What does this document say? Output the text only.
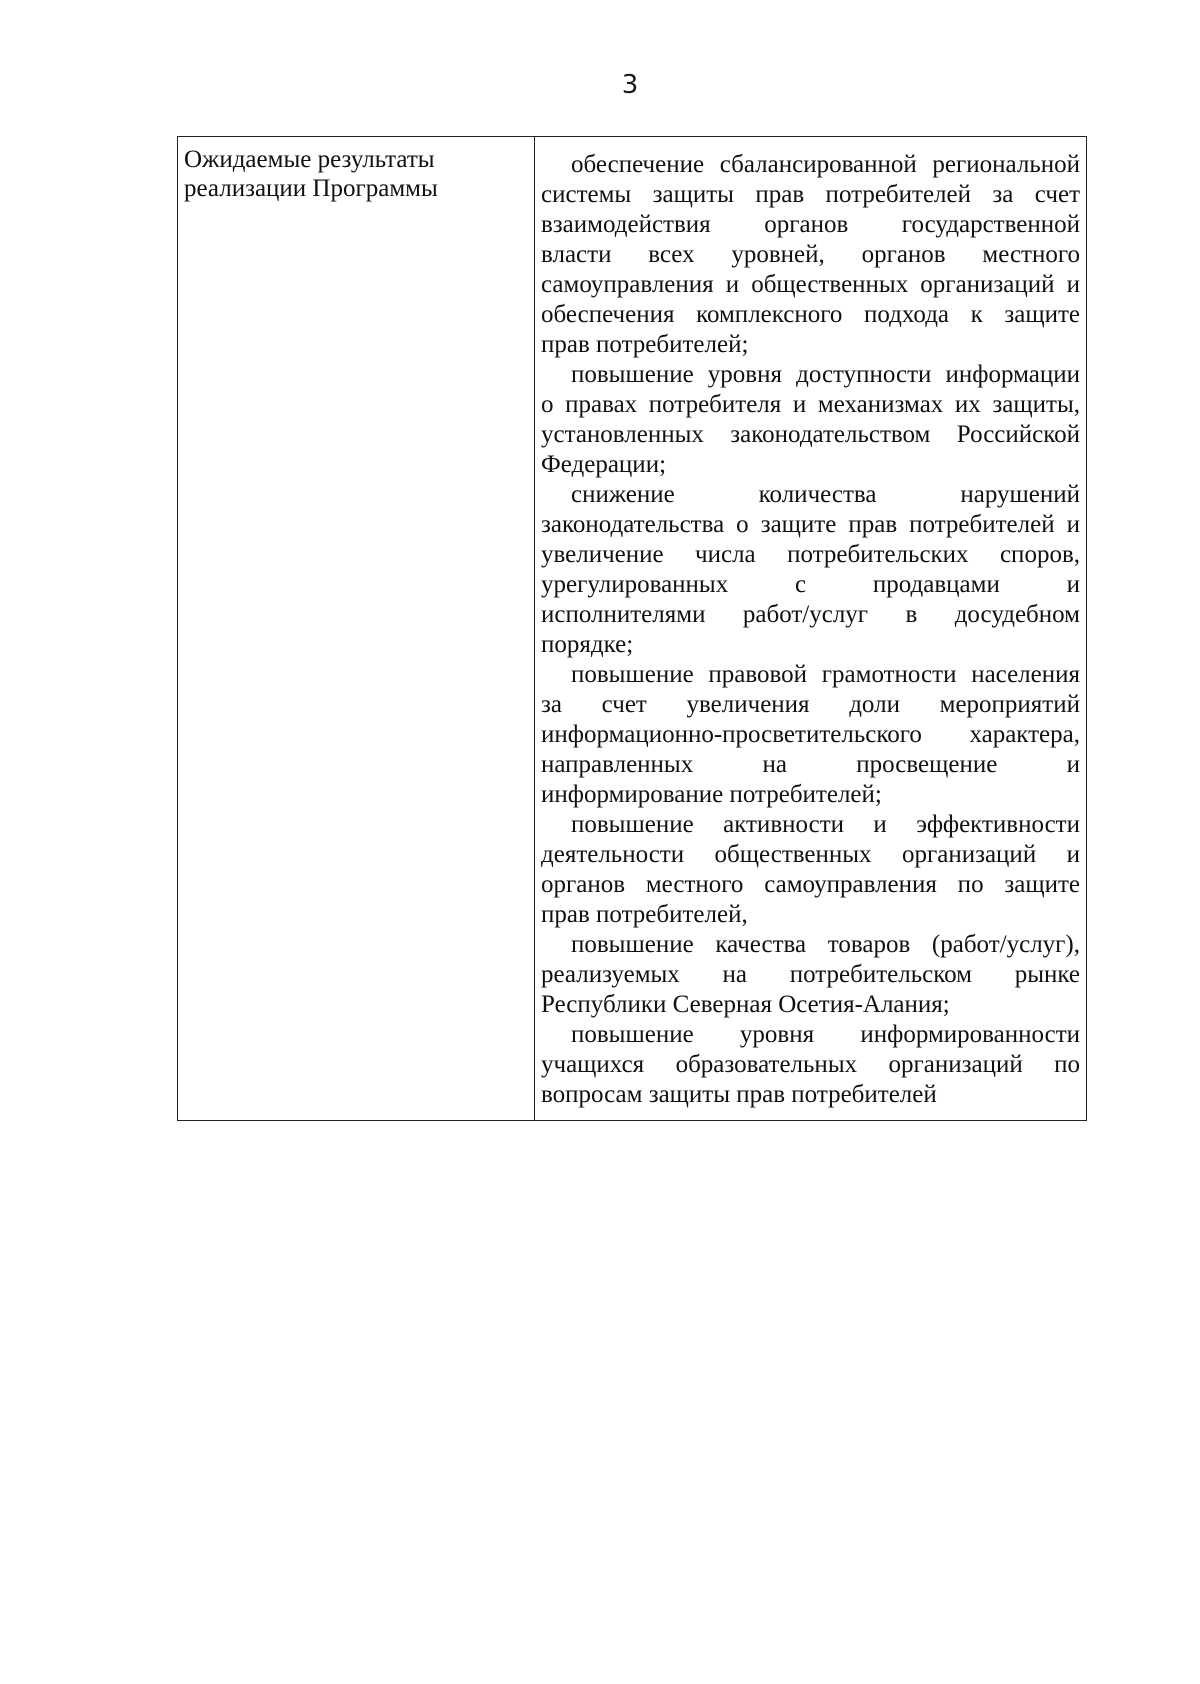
3
Ожидаемые результаты
реализации Программы
обеспечение сбалансированной региональной
системы защиты прав потребителей за счет
взаимодействия органов государственной
власти всех уровней, органов местного
самоуправления и общественных организаций и
обеспечения комплексного подхода к защите
прав потребителей;
повышение уровня доступности информации
о правах потребителя и механизмах их защиты,
установленных законодательством Российской
Федерации;
снижение количества нарушений
законодательства о защите прав потребителей и
увеличение числа потребительских споров,
урегулированных с продавцами и
исполнителями работ/услуг в досудебном
порядке;
повышение правовой грамотности населения
за счет увеличения доли мероприятий
информационно-просветительского характера,
направленных на просвещение и
информирование потребителей;
повышение активности и эффективности
деятельности общественных организаций и
органов местного самоуправления по защите
прав потребителей,
повышение качества товаров (работ/услуг),
реализуемых на потребительском рынке
Республики Северная Осетия-Алания;
повышение уровня информированности
учащихся образовательных организаций по
вопросам защиты прав потребителей
